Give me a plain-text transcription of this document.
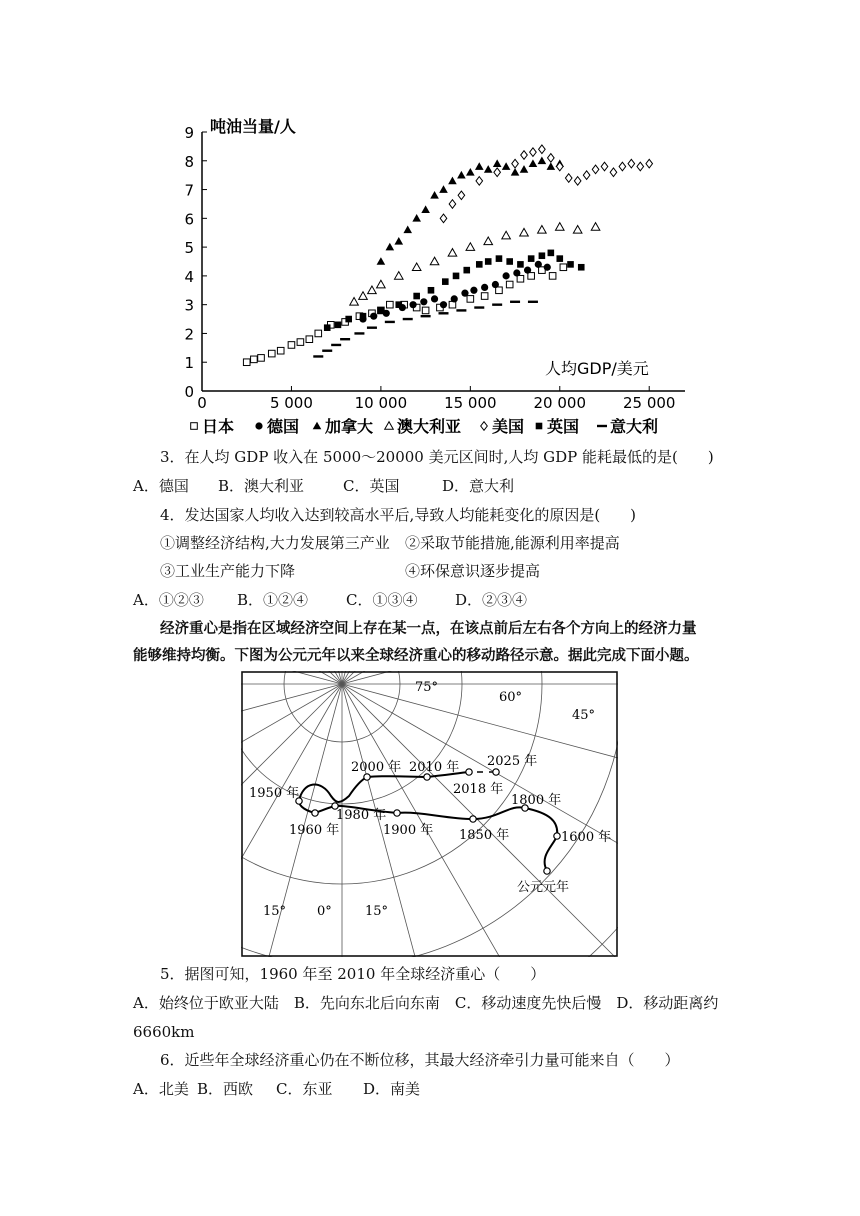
0
1
2
3
4
5
6
7
8
9
0	5 000	10 000 15 000 20 000 25 000
吨油当量/人
人均GDP/美元
日本 德国 加拿大 澳大利亚 美国 英国 意大利
3．在人均 GDP 收入在 5000～20000 美元区间时,人均 GDP 能耗最低的是(　　)
A．德国 B．澳大利亚	C．英国	D．意大利
4．发达国家人均收入达到较高水平后,导致人均能耗变化的原因是(　　)
①调整经济结构,大力发展第三产业 ②采取节能措施,能源利用率提高
③工业生产能力下降	④环保意识逐步提高
A．①②③ B．①②④	C．①③④	D．②③④
经济重心是指在区域经济空间上存在某一点，在该点前后左右各个方向上的经济力量
能够维持均衡。下图为公元元年以来全球经济重心的移动路径示意。据此完成下面小题。
75°
60°
45°
15° 0°	15°
公元元年
1600 年
1800 年
1850 年
1900 年
1980 年
1960 年
1950 年
2000 年 2010 年
2018 年
2025 年
5．据图可知，1960 年至 2010 年全球经济重心（　　）
A．始终位于欧亚大陆　B．先向东北后向东南　C．移动速度先快后慢　D．移动距离约
6660km
6．近些年全球经济重心仍在不断位移，其最大经济牵引力量可能来自（　　）
A．北美 B．西欧 C．东亚 D．南美
